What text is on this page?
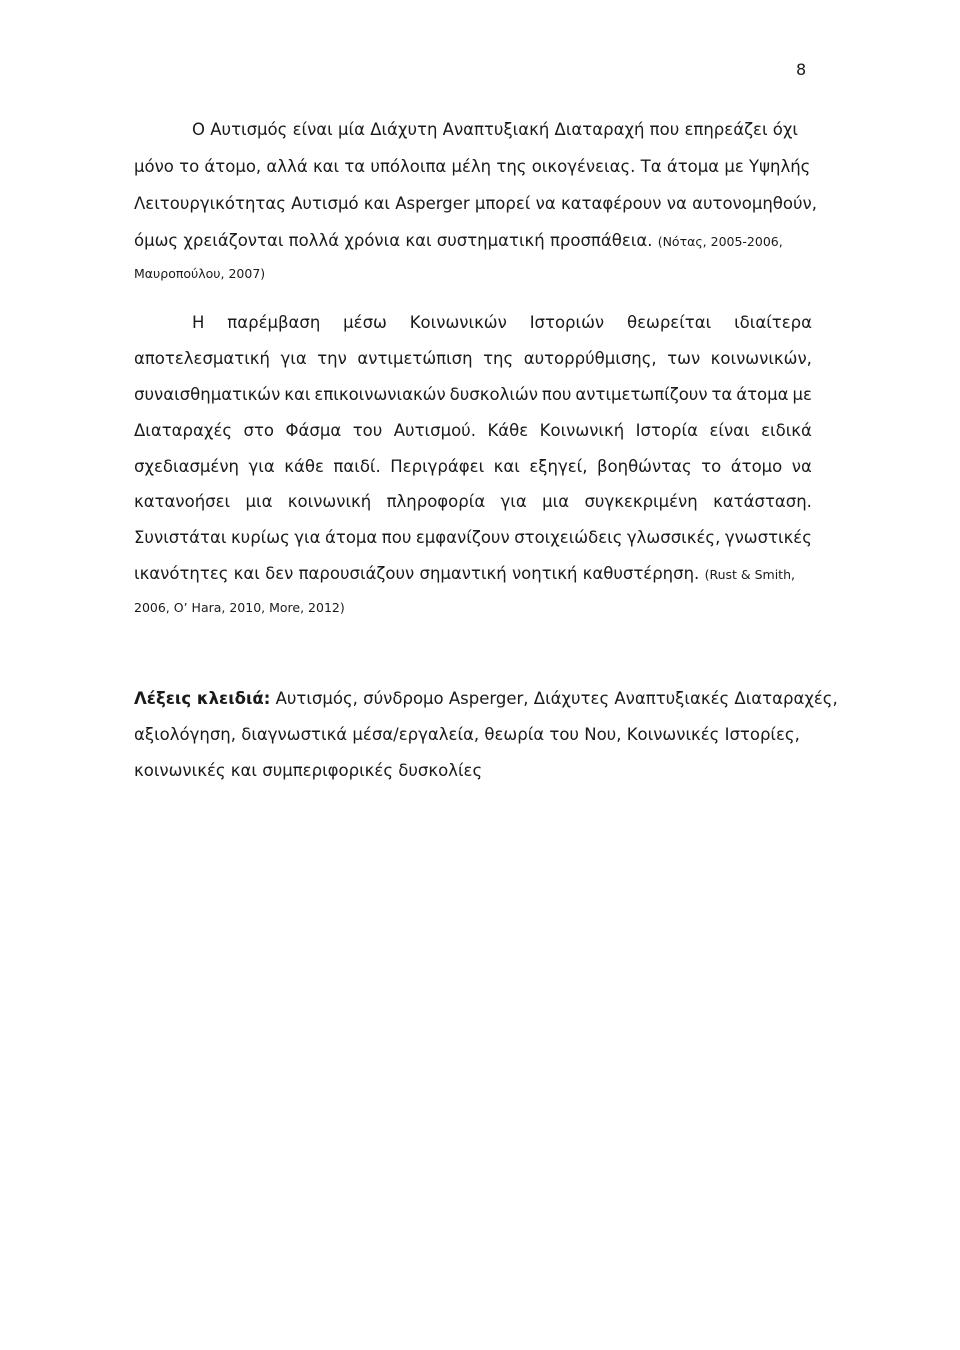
8
Ο Αυτισμός είναι μία Διάχυτη Αναπτυξιακή Διαταραχή που επηρεάζει όχι
μόνο το άτομο, αλλά και τα υπόλοιπα μέλη της οικογένειας. Τα άτομα με Υψηλής
Λειτουργικότητας Αυτισμό και Asperger μπορεί να καταφέρουν να αυτονομηθούν,
όμως χρειάζονται πολλά χρόνια και συστηματική προσπάθεια. (Νότας, 2005-2006,
Μαυροπούλου, 2007)
Η παρέμβαση μέσω Κοινωνικών Ιστοριών θεωρείται ιδιαίτερα
αποτελεσματική για την αντιμετώπιση της αυτορρύθμισης, των κοινωνικών,
συναισθηματικών και επικοινωνιακών δυσκολιών που αντιμετωπίζουν τα άτομα με
Διαταραχές στο Φάσμα του Αυτισμού. Κάθε Κοινωνική Ιστορία είναι ειδικά
σχεδιασμένη για κάθε παιδί. Περιγράφει και εξηγεί, βοηθώντας το άτομο να
κατανοήσει μια κοινωνική πληροφορία για μια συγκεκριμένη κατάσταση.
Συνιστάται κυρίως για άτομα που εμφανίζουν στοιχειώδεις γλωσσικές, γνωστικές
ικανότητες και δεν παρουσιάζουν σημαντική νοητική καθυστέρηση. (Rust & Smith,
2006, O’ Hara, 2010, More, 2012)
Λέξεις κλειδιά: Αυτισμός, σύνδρομο Asperger, Διάχυτες Αναπτυξιακές Διαταραχές,
αξιολόγηση, διαγνωστικά μέσα/εργαλεία, θεωρία του Νου, Κοινωνικές Ιστορίες,
κοινωνικές και συμπεριφορικές δυσκολίες
